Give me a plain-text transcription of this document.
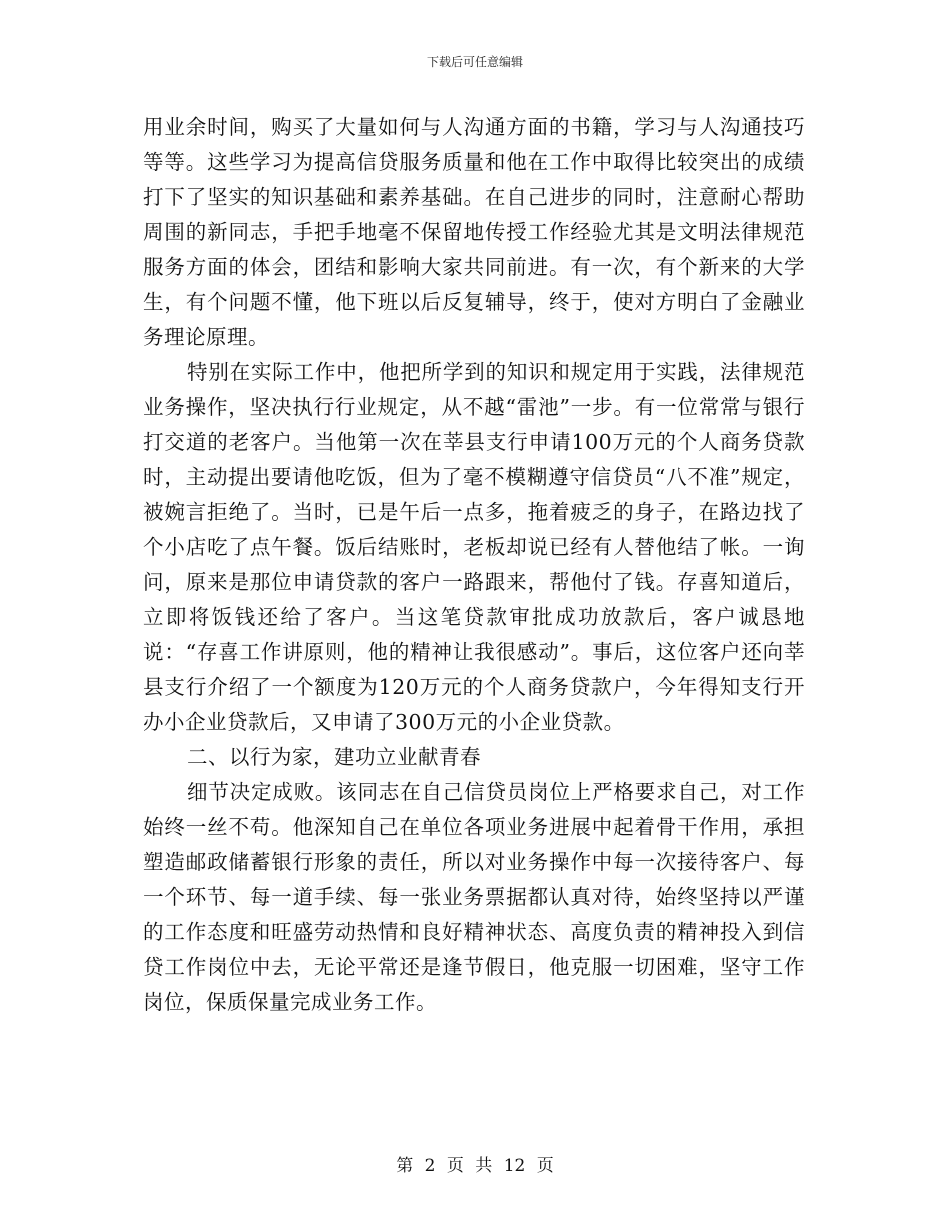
下载后可任意编辑

用业余时间，购买了大量如何与人沟通方面的书籍，学习与人沟通技巧等等。这些学习为提高信贷服务质量和他在工作中取得比较突出的成绩打下了坚实的知识基础和素养基础。在自己进步的同时，注意耐心帮助周围的新同志，手把手地毫不保留地传授工作经验尤其是文明法律规范服务方面的体会，团结和影响大家共同前进。有一次，有个新来的大学生，有个问题不懂，他下班以后反复辅导，终于，使对方明白了金融业务理论原理。

特别在实际工作中，他把所学到的知识和规定用于实践，法律规范业务操作，坚决执行行业规定，从不越“雷池”一步。有一位常常与银行打交道的老客户。当他第一次在莘县支行申请100万元的个人商务贷款时，主动提出要请他吃饭，但为了毫不模糊遵守信贷员“八不准”规定，被婉言拒绝了。当时，已是午后一点多，拖着疲乏的身子，在路边找了个小店吃了点午餐。饭后结账时，老板却说已经有人替他结了帐。一询问，原来是那位申请贷款的客户一路跟来，帮他付了钱。存喜知道后，立即将饭钱还给了客户。当这笔贷款审批成功放款后，客户诚恳地说：“存喜工作讲原则，他的精神让我很感动”。事后，这位客户还向莘县支行介绍了一个额度为120万元的个人商务贷款户，今年得知支行开办小企业贷款后，又申请了300万元的小企业贷款。

二、以行为家，建功立业献青春

细节决定成败。该同志在自己信贷员岗位上严格要求自己，对工作始终一丝不苟。他深知自己在单位各项业务进展中起着骨干作用，承担塑造邮政储蓄银行形象的责任，所以对业务操作中每一次接待客户、每一个环节、每一道手续、每一张业务票据都认真对待，始终坚持以严谨的工作态度和旺盛劳动热情和良好精神状态、高度负责的精神投入到信贷工作岗位中去，无论平常还是逢节假日，他克服一切困难，坚守工作岗位，保质保量完成业务工作。

第 2 页 共 12 页
